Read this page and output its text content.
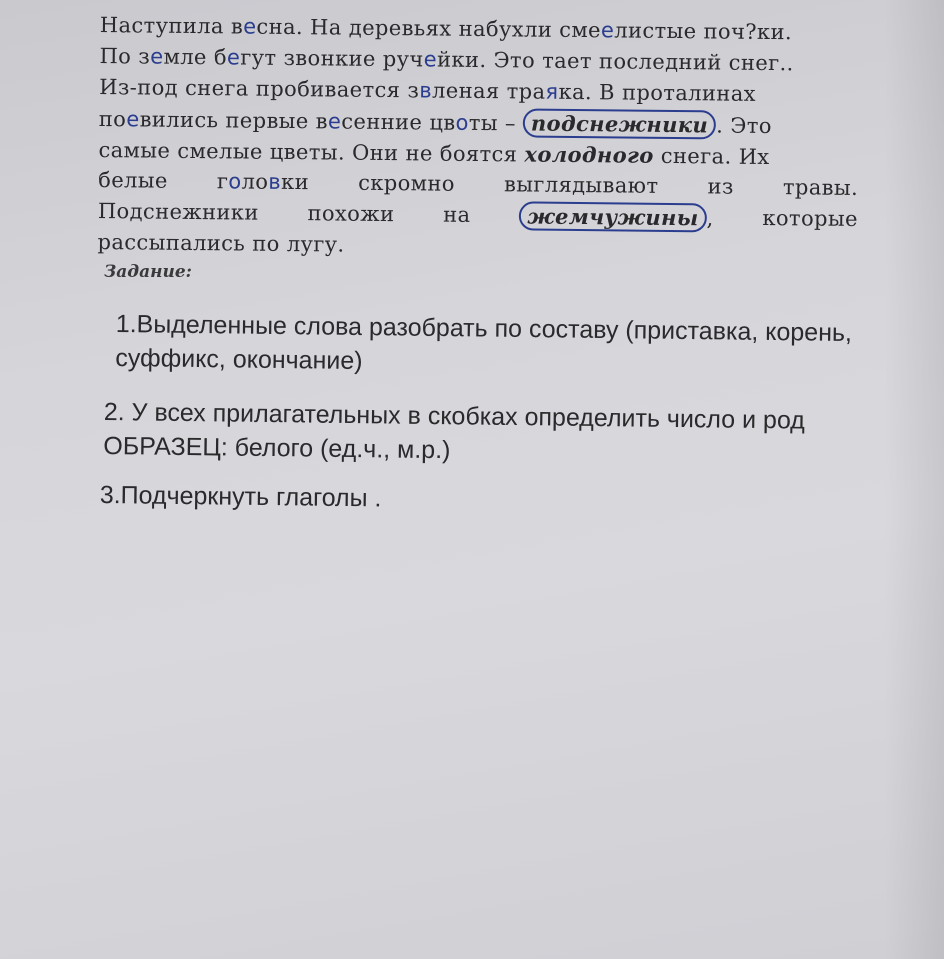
Наступила весна. На деревьях набухли смеелистые поч?ки.
По земле бегут звонкие ручейки. Это тает последний снег..
Из-под снега пробивается звленая траяка. В проталинах
поевились первые весенние цвоты – подснежники . Это
самые смелые цветы. Они не боятся холодного снега. Их
белые головки скромно выглядывают из травы.
Подснежники похожи на	жемчужины , которые
рассыпались по лугу.
Задание:
1.Выделенные слова разобрать по составу (приставка, корень, суффикс, окончание)
2. У всех прилагательных в скобках определить число и род ОБРАЗЕЦ: белого (ед.ч., м.р.)
3.Подчеркнуть глаголы .
